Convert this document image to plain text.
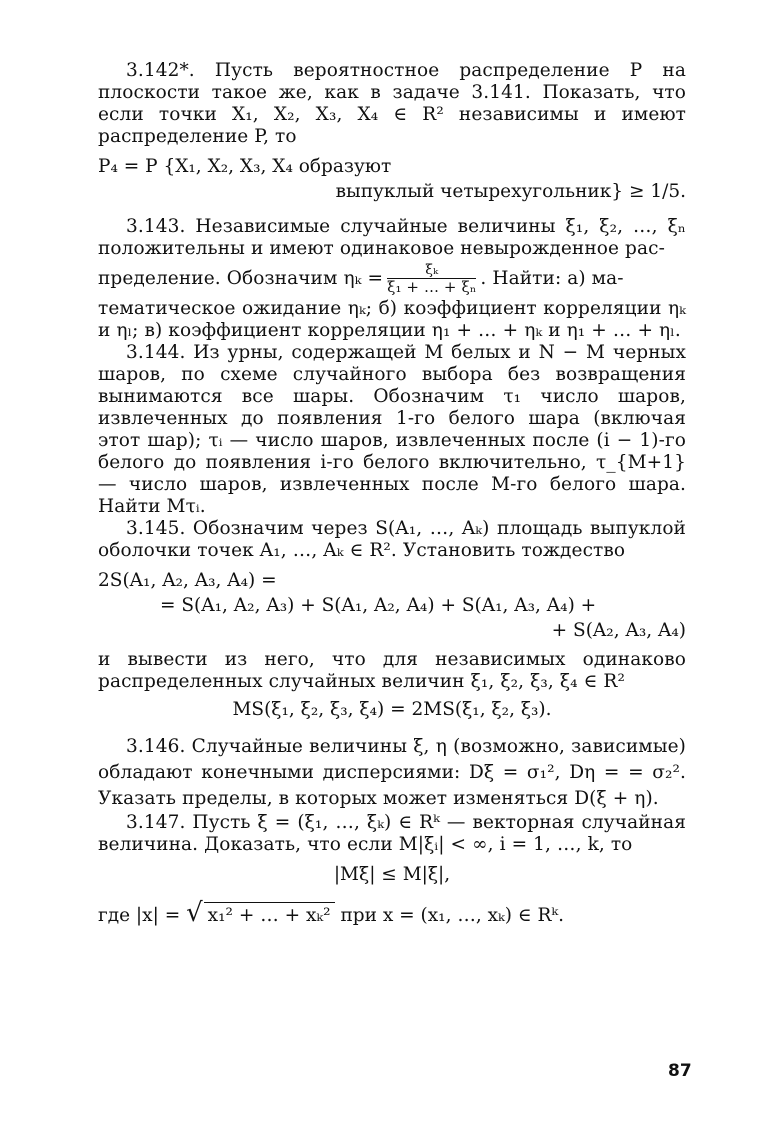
3.142*. Пусть вероятностное распределение P на плоскости такое же, как в задаче 3.141. Показать, что если точки X₁, X₂, X₃, X₄ ∈ R² независимы и имеют распределение P, то

P₄ = P {X₁, X₂, X₃, X₄ образуют
выпуклый четырехугольник} ≥ 1/5.

3.143. Независимые случайные величины ξ₁, ξ₂, …, ξₙ положительны и имеют одинаковое невырожденное рас-

пределение. Обозначим $\eta_k = \frac{\text{ξₖ}}{\text{ξ₁ + … + ξₙ}}$ . Найти: а) ма-

тематическое ожидание ηₖ; б) коэффициент корреляции ηₖ и ηₗ; в) коэффициент корреляции η₁ + … + ηₖ и η₁ + … + ηₗ.

3.144. Из урны, содержащей M белых и N − M черных шаров, по схеме случайного выбора без возвращения вынимаются все шары. Обозначим τ₁ число шаров, извлеченных до появления 1-го белого шара (включая этот шар); τᵢ — число шаров, извлеченных после (i − 1)-го белого до появления i-го белого включительно, τ_{M+1} — число шаров, извлеченных после M-го белого шара. Найти Mτᵢ.

3.145. Обозначим через S(A₁, …, Aₖ) площадь выпуклой оболочки точек A₁, …, Aₖ ∈ R². Установить тождество

2S(A₁, A₂, A₃, A₄) =
= S(A₁, A₂, A₃) + S(A₁, A₂, A₄) + S(A₁, A₃, A₄) +
+ S(A₂, A₃, A₄)

и вывести из него, что для независимых одинаково распределенных случайных величин ξ₁, ξ₂, ξ₃, ξ₄ ∈ R²

MS(ξ₁, ξ₂, ξ₃, ξ₄) = 2MS(ξ₁, ξ₂, ξ₃).

3.146. Случайные величины ξ, η (возможно, зависимые) обладают конечными дисперсиями: Dξ = σ₁², Dη = = σ₂². Указать пределы, в которых может изменяться D(ξ + η).

3.147. Пусть ξ = (ξ₁, …, ξₖ) ∈ Rᵏ — векторная случайная величина. Доказать, что если M|ξᵢ| < ∞, i = 1, …, k, то

|Mξ| ≤ M|ξ|,
где |x| = √ x₁² + … + xₖ² при x = (x₁, …, xₖ) ∈ Rᵏ.
87
